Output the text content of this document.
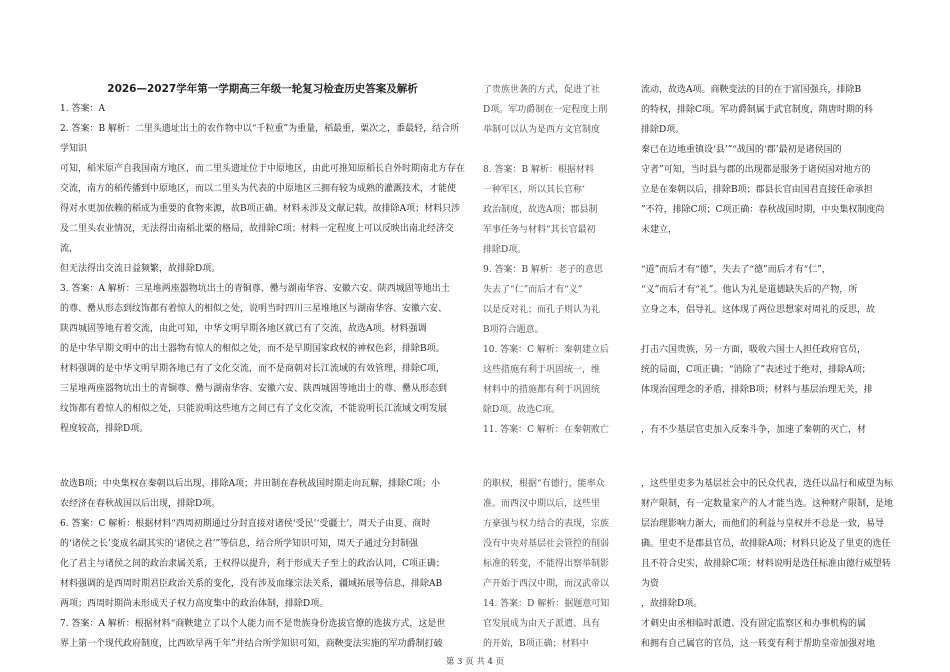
2026—2027学年第一学期高三年级一轮复习检查历史答案及解析

1. 答案：A

2. 答案：B 解析：二里头遗址出土的农作物中以“千粒重”为重量，稻最重，粟次之，黍最轻，结合所学知识

可知，稻米原产自我国南方地区，而二里头遗址位于中原地区，由此可推知原稻长自外时期南北方存在

交流，南方的稻传播到中原地区，而以二里头为代表的中原地区三拥有较为成熟的灌溉技术，才能使

得对水更加依赖的稻成为重要的食物来源，故B项正确。材料未涉及文献记载，故排除A项；材料只涉

及二里头农业情况，无法得出南稻北粟的格局，故排除C项；材料一定程度上可以反映出南北经济交流，

但无法得出交流日益频繁，故排除D项。

3. 答案：A 解析：三星堆两座器物坑出土的青铜尊、罍与湖南华容、安徽六安、陕西城固等地出土

的尊、罍从形态到纹饰都有着惊人的相似之处，说明当时四川三星堆地区与湖南华容、安徽六安、

陕西城固等地有着交流，由此可知，中华文明早期各地区就已有了交流，故选A项。材料强调

的是中华早期文明中的出土器物有惊人的相似之处，而不是早期国家政权的神权色彩，排除B项。

材料强调的是中华文明早期各地已有了文化交流，而不是商朝对长江流域的有效管理，排除C项，

三星堆两座器物坑出土的青铜尊、罍与湖南华容、安徽六安、陕西城固等地出土的尊、罍从形态到

纹饰都有着惊人的相似之处，只能说明这些地方之间已有了文化交流，不能说明长江流域文明发展

程度较高，排除D项。

故选B项；中央集权在秦朝以后出现，排除A项；井田制在春秋战国时期走向瓦解，排除C项；小

农经济在春秋战国以后出现，排除D项。

6. 答案：C 解析：根据材料“西周初期通过分封直接对诸侯‘受民’‘受疆土’，周天子由夏、商时

的‘诸侯之长’变成名副其实的‘诸侯之君’”等信息，结合所学知识可知，周天子通过分封制强

化了君主与诸侯之间的政治隶属关系，王权得以提升，利于形成天子至上的政治认同，C项正确；

材料强调的是西周时期君臣政治关系的变化，没有涉及血缘宗法关系，疆域拓展等信息，排除AB

两项；西周时期尚未形成天子权力高度集中的政治体制，排除D项。

7. 答案：A 解析：根据材料“商鞅建立了以个人能力而不是贵族身份选拔官僚的选拔方式，这是世

界上第一个现代政府制度，比西欧早两千年”并结合所学知识可知，商鞅变法实施的军功爵制打破

了贵族世袭的方式，促进了社

D项。军功爵制在一定程度上削

举制可以认为是西方文官制度

8. 答案：B 解析：根据材料

一种军区，所以其长官称‘

政治制度，故选A项；郡县制

军事任务与材料“其长官最初

排除D项。

9. 答案：B 解析：老子的意思

失去了“仁”而后才有“义”

以是反对礼；而孔子则认为礼

B项符合题意。

10. 答案：C 解析：秦朝建立后

这些措施有利于巩固统一，维

材料中的措施都有利于巩固统

除D项。故选C项。

11. 答案：C 解析：在秦朝败亡

的职权，根据“有德行，能率众

准。而西汉中期以后，这些里

方豪强与权力结合的表现，宗族

没有中央对基层社会管控的削弱

标准的转变，不能得出察举制影

产开始于西汉中期，而汉武帝以

14. 答案：D 解析：据题意可知

官发展成为由天子派遣、具有

的开始，B项正确；材料中

流动，故选A项。商鞅变法的目的在于富国强兵，排除B

的特权，排除C项。军功爵制属于武官制度，隋唐时期的科

排除D项。

秦已在边地重镇设‘县’”“战国的‘郡’最初是诸侯国的

守者”可知，当时县与郡的出现都是服务于诸侯国对地方的

立是在秦朝以后，排除B项；郡县长官由国君直接任命承担

”不符，排除C项；C项正确：春秋战国时期，中央集权制度尚未建立，

“道”而后才有“德”，失去了“德”而后才有“仁”，

“义”而后才有“礼”。他认为礼是道德缺失后的产物，所

立身之本，倡导礼。这体现了两位思想家对周礼的反思，故

打击六国贵族，另一方面，吸收六国士人担任政府官员，

统的局面，C项正确；“消除了”表述过于绝对，排除A项；

体现治国理念的矛盾，排除B项；材料与基层治理无关，排

，有不少基层官吏加入反秦斗争，加速了秦朝的灭亡，材

，这些里吏多为基层社会中的民众代表，选任以品行和威望为标

财产限制，有一定数量家产的人才能当选。这种财产限制，是地

层治理影响力渐大，而他们的利益与皇权并不总是一致，易导

确。里吏不是郡县官员，故排除A项；材料只论及了里吏的选任

且不符合史实，故排除C项；材料说明是选任标准由德行威望转为资

，故排除D项。

才刺史由丞相临时派遣、没有固定监察区和办事机构的属

和拥有自己属官的官员，这一转变有利于帮助皇帝加强对地

第 3 页 共 4 页
